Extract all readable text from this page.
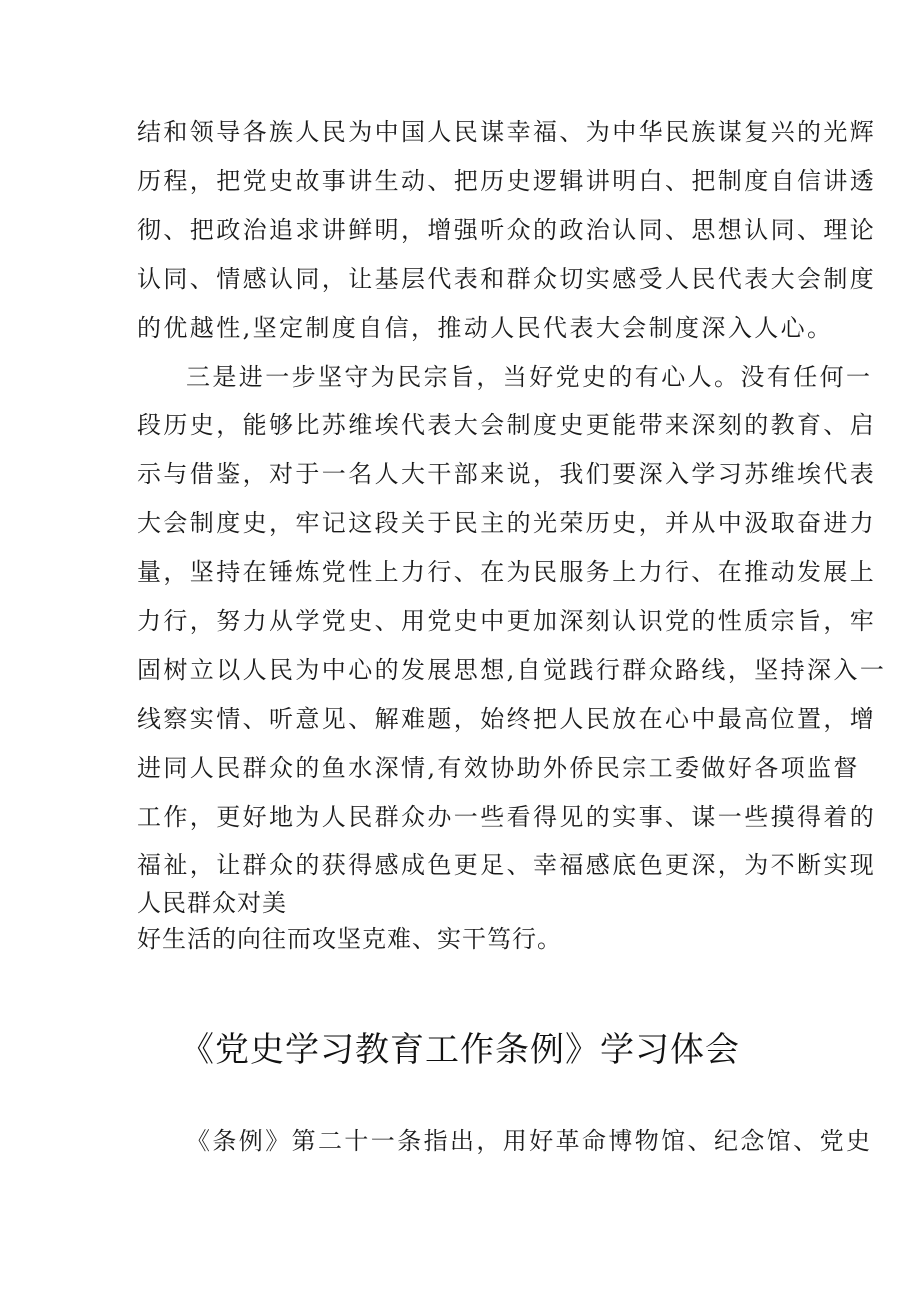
结和领导各族人民为中国人民谋幸福、为中华民族谋复兴的光辉
历程，把党史故事讲生动、把历史逻辑讲明白、把制度自信讲透
彻、把政治追求讲鲜明，增强听众的政治认同、思想认同、理论
认同、情感认同，让基层代表和群众切实感受人民代表大会制度
的优越性,坚定制度自信，推动人民代表大会制度深入人心。
三是进一步坚守为民宗旨，当好党史的有心人。没有任何一
段历史，能够比苏维埃代表大会制度史更能带来深刻的教育、启
示与借鉴，对于一名人大干部来说，我们要深入学习苏维埃代表
大会制度史，牢记这段关于民主的光荣历史，并从中汲取奋进力
量，坚持在锤炼党性上力行、在为民服务上力行、在推动发展上
力行，努力从学党史、用党史中更加深刻认识党的性质宗旨，牢
固树立以人民为中心的发展思想,自觉践行群众路线，坚持深入一
线察实情、听意见、解难题，始终把人民放在心中最高位置，增
进同人民群众的鱼水深情,有效协助外侨民宗工委做好各项监督
工作，更好地为人民群众办一些看得见的实事、谋一些摸得着的
福祉，让群众的获得感成色更足、幸福感底色更深，为不断实现
人民群众对美
好生活的向往而攻坚克难、实干笃行。
《党史学习教育工作条例》学习体会
《条例》第二十一条指出，用好革命博物馆、纪念馆、党史
